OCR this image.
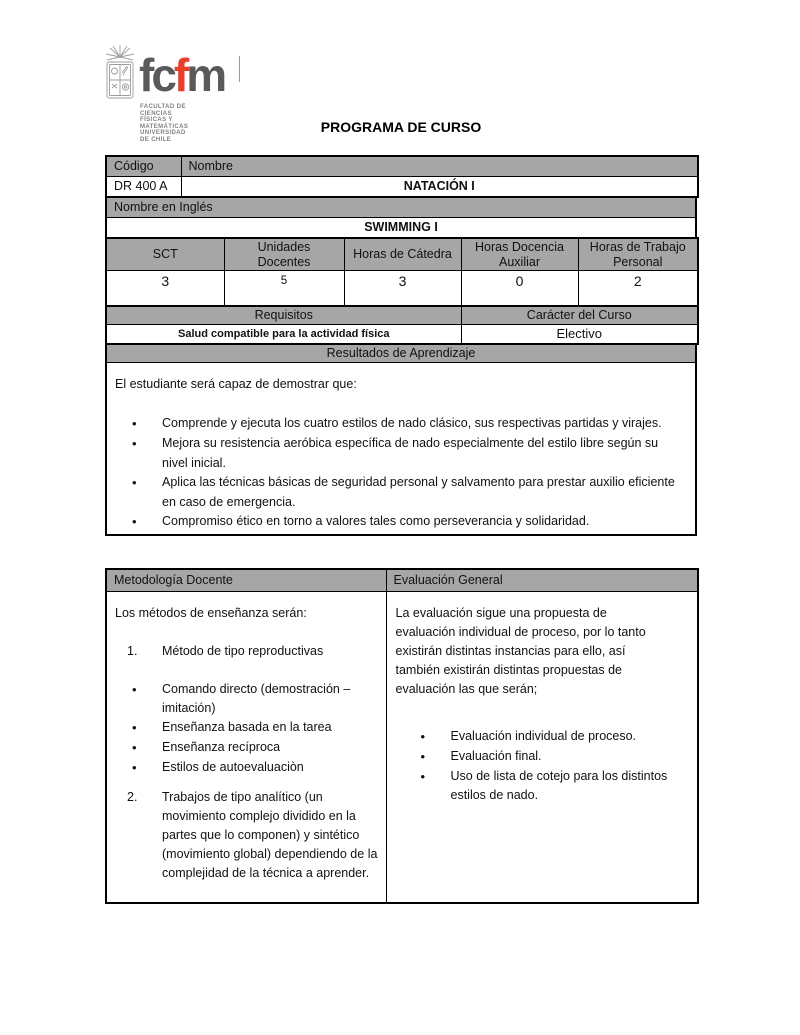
fcfm
FACULTAD DE CIENCIAS
FÍSICAS Y MATEMÁTICAS
UNIVERSIDAD DE CHILE
PROGRAMA DE CURSO
Código	Nombre
DR 400 A	NATACIÓN I
Nombre en Inglés
SWIMMING I
SCT	Unidades Docentes	Horas de Cátedra	Horas Docencia Auxiliar	Horas de Trabajo Personal
3	5	3	0	2
Requisitos	Carácter del Curso
Salud compatible para la actividad física	Electivo
Resultados de Aprendizaje

El estudiante será capaz de demostrar que:
•
Comprende y ejecuta los cuatro estilos de nado clásico, sus respectivas partidas y virajes.
•
Mejora su resistencia aeróbica específica de nado especialmente del estilo libre según su nivel inicial.
•
Aplica las técnicas básicas de seguridad personal y salvamento para prestar auxilio eficiente en caso de emergencia.
•
Compromiso ético en torno a valores tales como perseverancia y solidaridad.
Metodología Docente	Evaluación General

Los métodos de enseñanza serán:
1.	Método de tipo reproductivas
•
Comando directo (demostración – imitación)
•
Enseñanza basada en la tarea
•
Enseñanza recíproca
•
Estilos de autoevaluaciòn
2.	Trabajos de tipo analítico (un movimiento complejo dividido en la partes que lo componen) y sintético (movimiento global) dependiendo de la complejidad de la técnica a aprender.

La evaluación sigue una propuesta de evaluación individual de proceso, por lo tanto existirán distintas instancias para ello, así también existirán distintas propuestas de evaluación las que serán;
•
Evaluación individual de proceso.
•
Evaluación final.
•
Uso de lista de cotejo para los distintos estilos de nado.
